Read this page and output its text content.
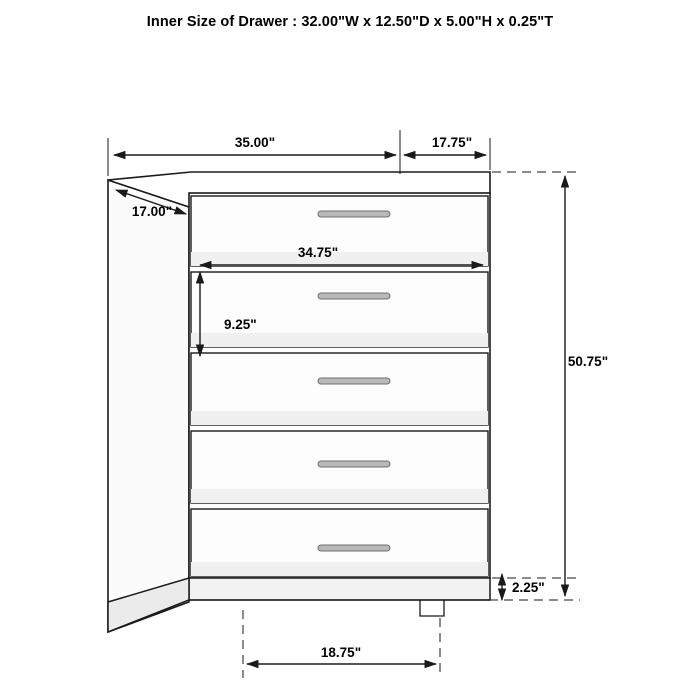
Inner Size of Drawer : 32.00"W x 12.50"D x 5.00"H x 0.25"T
35.00"	17.75"
17.00"
34.75"
9.25"
50.75"
2.25"
18.75"
